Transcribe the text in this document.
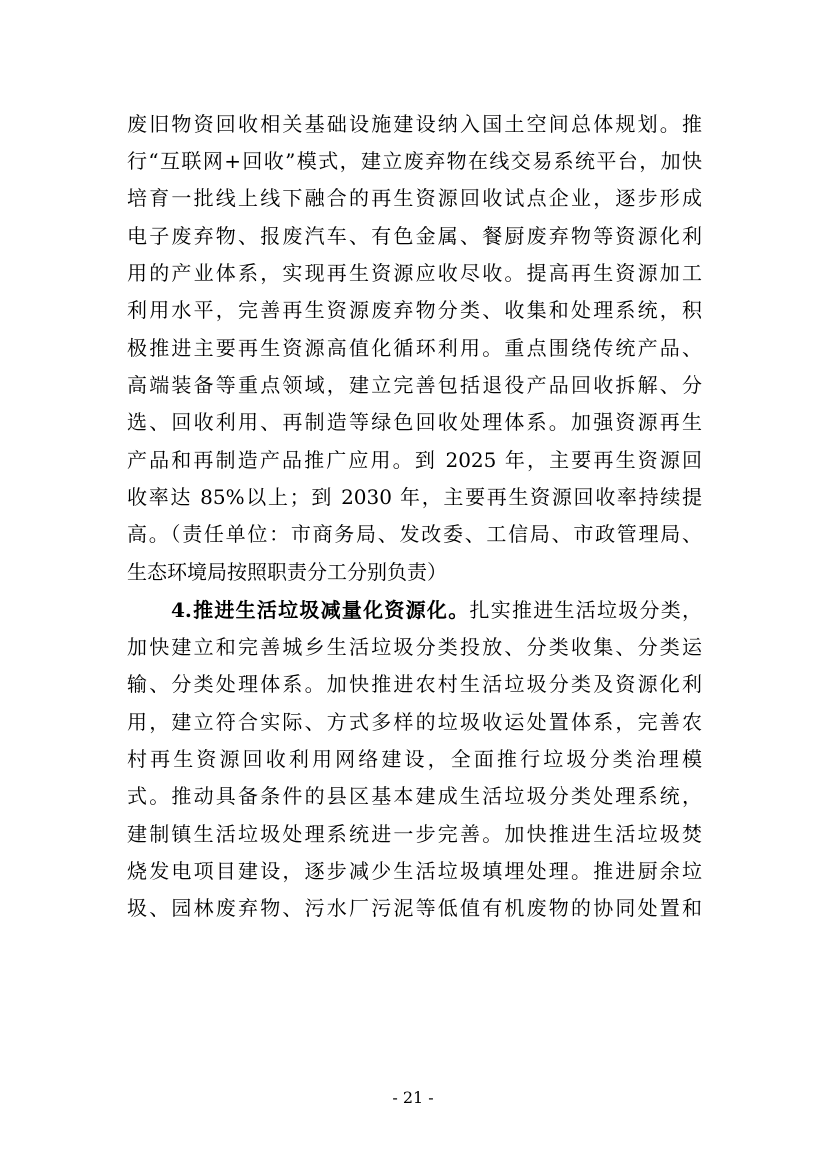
废旧物资回收相关基础设施建设纳入国土空间总体规划。推
行“互联网+回收”模式，建立废弃物在线交易系统平台，加快
培育一批线上线下融合的再生资源回收试点企业，逐步形成
电子废弃物、报废汽车、有色金属、餐厨废弃物等资源化利
用的产业体系，实现再生资源应收尽收。提高再生资源加工
利用水平，完善再生资源废弃物分类、收集和处理系统，积
极推进主要再生资源高值化循环利用。重点围绕传统产品、
高端装备等重点领域，建立完善包括退役产品回收拆解、分
选、回收利用、再制造等绿色回收处理体系。加强资源再生
产品和再制造产品推广应用。到 2025 年，主要再生资源回
收率达 85%以上；到 2030 年，主要再生资源回收率持续提
高。（责任单位：市商务局、发改委、工信局、市政管理局、
生态环境局按照职责分工分别负责）
4.推进生活垃圾减量化资源化。扎实推进生活垃圾分类，
加快建立和完善城乡生活垃圾分类投放、分类收集、分类运
输、分类处理体系。加快推进农村生活垃圾分类及资源化利
用，建立符合实际、方式多样的垃圾收运处置体系，完善农
村再生资源回收利用网络建设，全面推行垃圾分类治理模
式。推动具备条件的县区基本建成生活垃圾分类处理系统，
建制镇生活垃圾处理系统进一步完善。加快推进生活垃圾焚
烧发电项目建设，逐步减少生活垃圾填埋处理。推进厨余垃
圾、园林废弃物、污水厂污泥等低值有机废物的协同处置和
- 21 -
